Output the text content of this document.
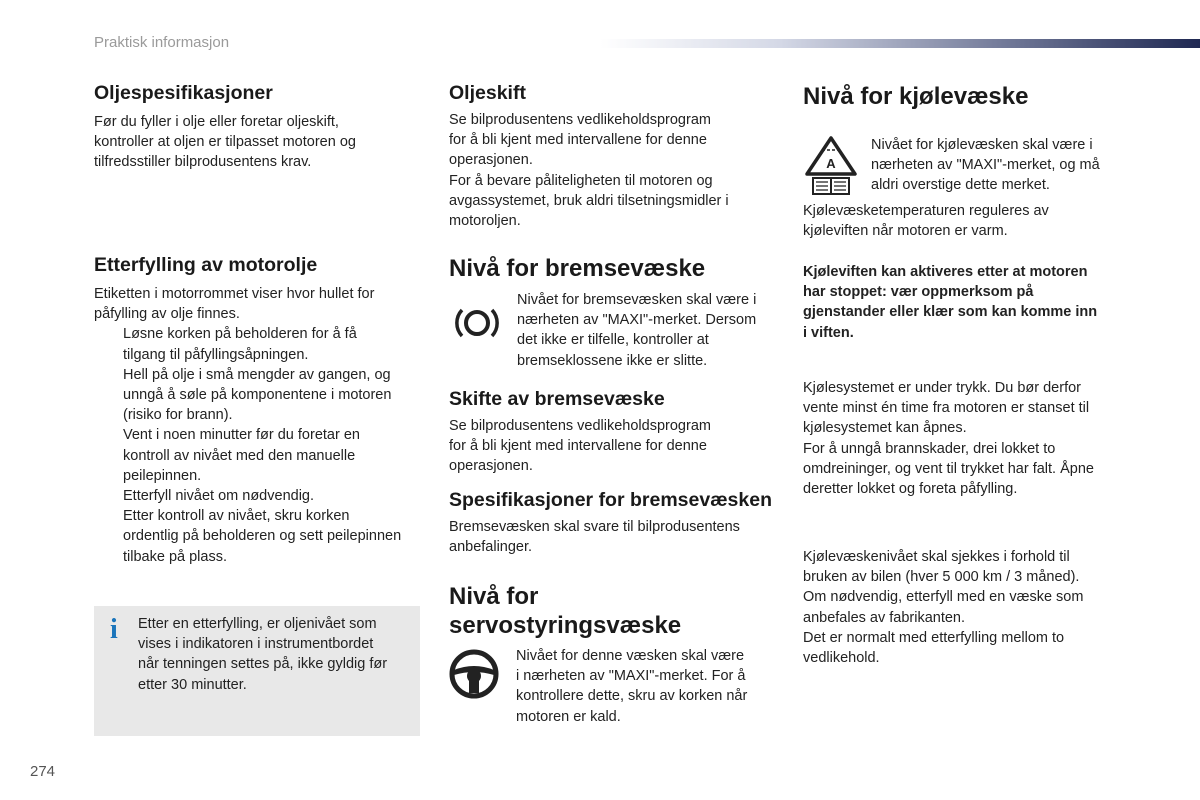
Praktisk informasjon
Oljespesifikasjoner

Før du fyller i olje eller foretar oljeskift,

kontroller at oljen er tilpasset motoren og

tilfredsstiller bilprodusentens krav.

Etterfylling av motorolje

Etiketten i motorrommet viser hvor hullet for

påfylling av olje finnes.

Løsne korken på beholderen for å få
tilgang til påfyllingsåpningen.
Hell på olje i små mengder av gangen, og
unngå å søle på komponentene i motoren
(risiko for brann).
Vent i noen minutter før du foretar en
kontroll av nivået med den manuelle
peilepinnen.
Etterfyll nivået om nødvendig.
Etter kontroll av nivået, skru korken
ordentlig på beholderen og sett peilepinnen
tilbake på plass.
i Etter en etterfylling, er oljenivået som

vises i indikatoren i instrumentbordet

når tenningen settes på, ikke gyldig før

etter 30 minutter.

Oljeskift

Se bilprodusentens vedlikeholdsprogram

for å bli kjent med intervallene for denne

operasjonen.

For å bevare påliteligheten til motoren og

avgassystemet, bruk aldri tilsetningsmidler i

motoroljen.

Nivå for bremsevæske

Nivået for bremsevæsken skal være i

nærheten av "MAXI"-merket. Dersom

det ikke er tilfelle, kontroller at

bremseklossene ikke er slitte.

Skifte av bremsevæske

Se bilprodusentens vedlikeholdsprogram

for å bli kjent med intervallene for denne

operasjonen.

Spesifikasjoner for bremsevæsken

Bremsevæsken skal svare til bilprodusentens

anbefalinger.

Nivå for
servostyringsvæske

Nivået for denne væsken skal være

i nærheten av "MAXI"-merket. For å

kontrollere dette, skru av korken når

motoren er kald.

Nivå for kjølevæske
A

Nivået for kjølevæsken skal være i

nærheten av "MAXI"-merket, og må

aldri overstige dette merket.

Kjølevæsketemperaturen reguleres av

kjøleviften når motoren er varm.

Kjøleviften kan aktiveres etter at motoren

har stoppet: vær oppmerksom på

gjenstander eller klær som kan komme inn

i viften.

Kjølesystemet er under trykk. Du bør derfor

vente minst én time fra motoren er stanset til

kjølesystemet kan åpnes.

For å unngå brannskader, drei lokket to

omdreininger, og vent til trykket har falt. Åpne

deretter lokket og foreta påfylling.

Kjølevæskenivået skal sjekkes i forhold til

bruken av bilen (hver 5 000 km / 3 måned).

Om nødvendig, etterfyll med en væske som

anbefales av fabrikanten.

Det er normalt med etterfylling mellom to

vedlikehold.

274
